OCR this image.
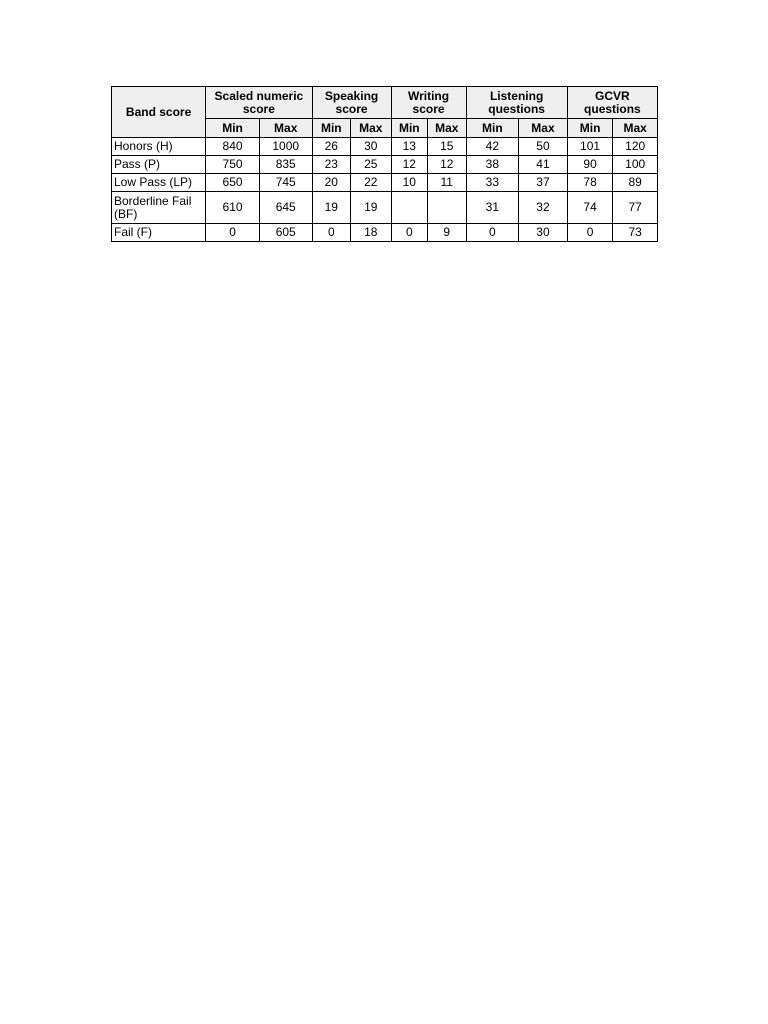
Band score	Scaled numeric score		Speaking score		Writing score		Listening questions		GCVR questions	
	Min	Max	Min	Max	Min	Max	Min	Max	Min	Max
Honors (H)	840	1000	26	30	13	15	42	50	101	120
Pass (P)	750	835	23	25	12	12	38	41	90	100
Low Pass (LP)	650	745	20	22	10	11	33	37	78	89
Borderline Fail (BF)	610	645	19	19			31	32	74	77
Fail (F)	0	605	0	18	0	9	0	30	0	73
